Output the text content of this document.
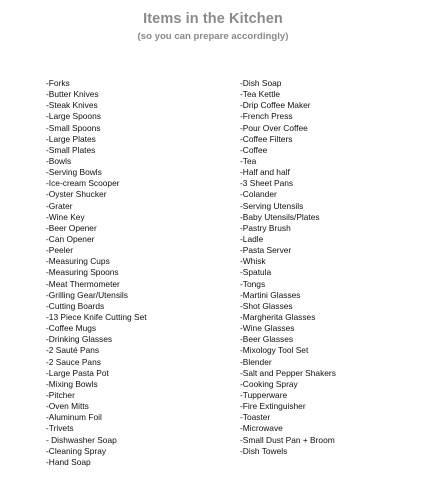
Items in the Kitchen
(so you can prepare accordingly)
-Forks
-Butter Knives
-Steak Knives
-Large Spoons
-Small Spoons
-Large Plates
-Small Plates
-Bowls
-Serving Bowls
-Ice-cream Scooper
-Oyster Shucker
-Grater
-Wine Key
-Beer Opener
-Can Opener
-Peeler
-Measuring Cups
-Measuring Spoons
-Meat Thermometer
-Grilling Gear/Utensils
-Cutting Boards
-13 Piece Knife Cutting Set
-Coffee Mugs
-Drinking Glasses
-2 Sauté Pans
-2 Sauce Pans
-Large Pasta Pot
-Mixing Bowls
-Pitcher
-Oven Mitts
-Aluminum Foil
-Trivets
- Dishwasher Soap
-Cleaning Spray
-Hand Soap
-Dish Soap
-Tea Kettle
-Drip Coffee Maker
-French Press
-Pour Over Coffee
-Coffee Filters
-Coffee
-Tea
-Half and half
-3 Sheet Pans
-Colander
-Serving Utensils
-Baby Utensils/Plates
-Pastry Brush
-Ladle
-Pasta Server
-Whisk
-Spatula
-Tongs
-Martini Glasses
-Shot Glasses
-Margherita Glasses
-Wine Glasses
-Beer Glasses
-Mixology Tool Set
-Blender
-Salt and Pepper Shakers
-Cooking Spray
-Tupperware
-Fire Extinguisher
-Toaster
-Microwave
-Small Dust Pan + Broom
-Dish Towels
